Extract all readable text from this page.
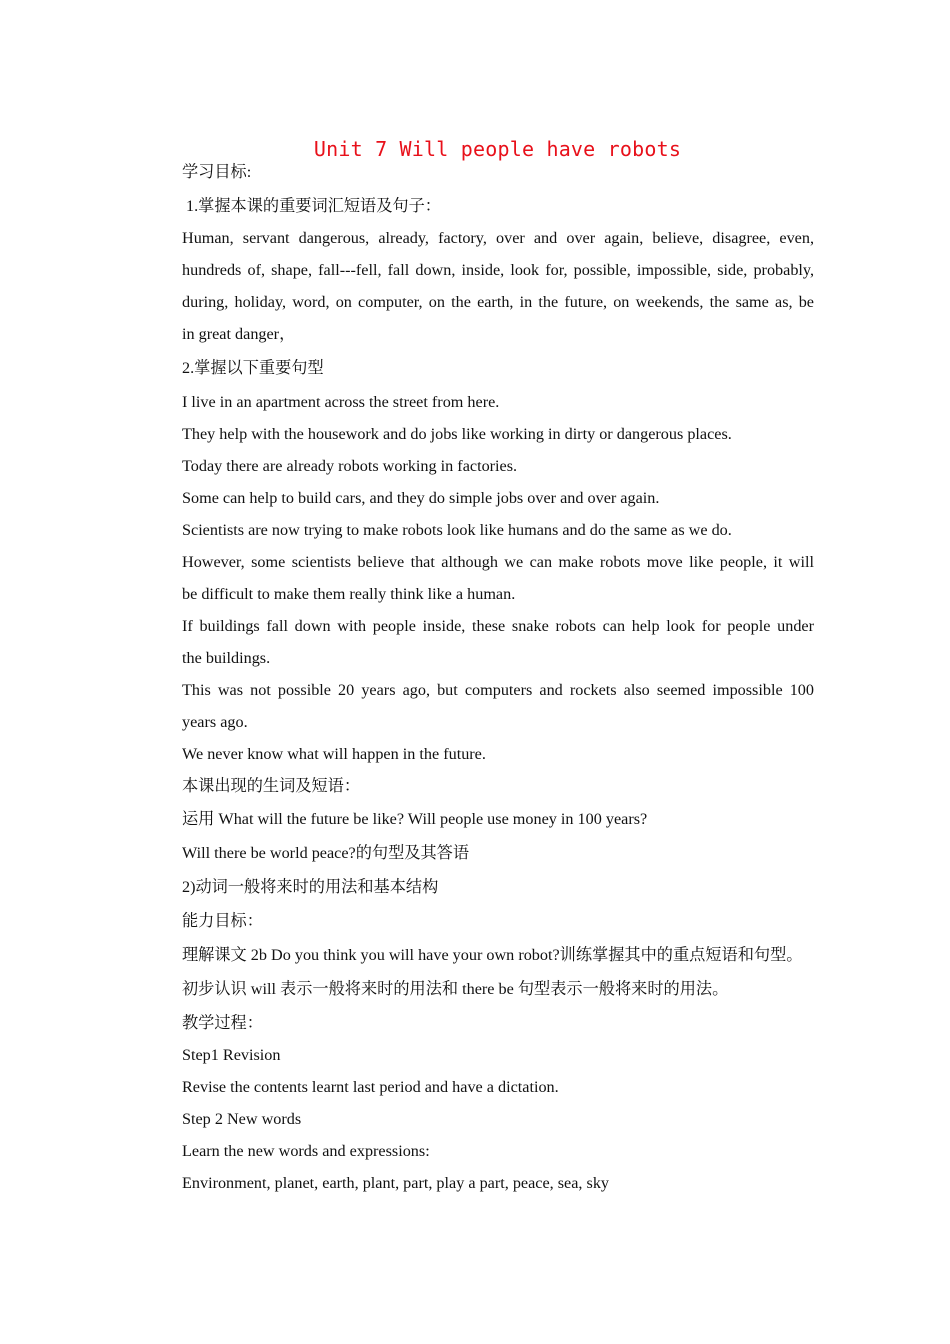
Unit 7 Will people have robots

学习目标:

1.掌握本课的重要词汇短语及句子：

Human, servant dangerous, already, factory, over and over again, believe, disagree, even,

hundreds of, shape, fall---fell, fall down, inside, look for, possible, impossible, side, probably,

during, holiday, word, on computer, on the earth, in the future, on weekends, the same as, be

in great danger，

2.掌握以下重要句型

I live in an apartment across the street from here.

They help with the housework and do jobs like working in dirty or dangerous places.

Today there are already robots working in factories.

Some can help to build cars, and they do simple jobs over and over again.

Scientists are now trying to make robots look like humans and do the same as we do.

However, some scientists believe that although we can make robots move like people, it will

be difficult to make them really think like a human.

If buildings fall down with people inside, these snake robots can help look for people under

the buildings.

This was not possible 20 years ago, but computers and rockets also seemed impossible 100

years ago.

We never know what will happen in the future.

本课出现的生词及短语：

运用 What will the future be like? Will people use money in 100 years?

Will there be world peace?的句型及其答语

2)动词一般将来时的用法和基本结构

能力目标：

理解课文 2b Do you think you will have your own robot?训练掌握其中的重点短语和句型。

初步认识 will 表示一般将来时的用法和 there be 句型表示一般将来时的用法。

教学过程：

Step1 Revision

Revise the contents learnt last period and have a dictation.

Step 2 New words

Learn the new words and expressions:

Environment, planet, earth, plant, part, play a part, peace, sea, sky
